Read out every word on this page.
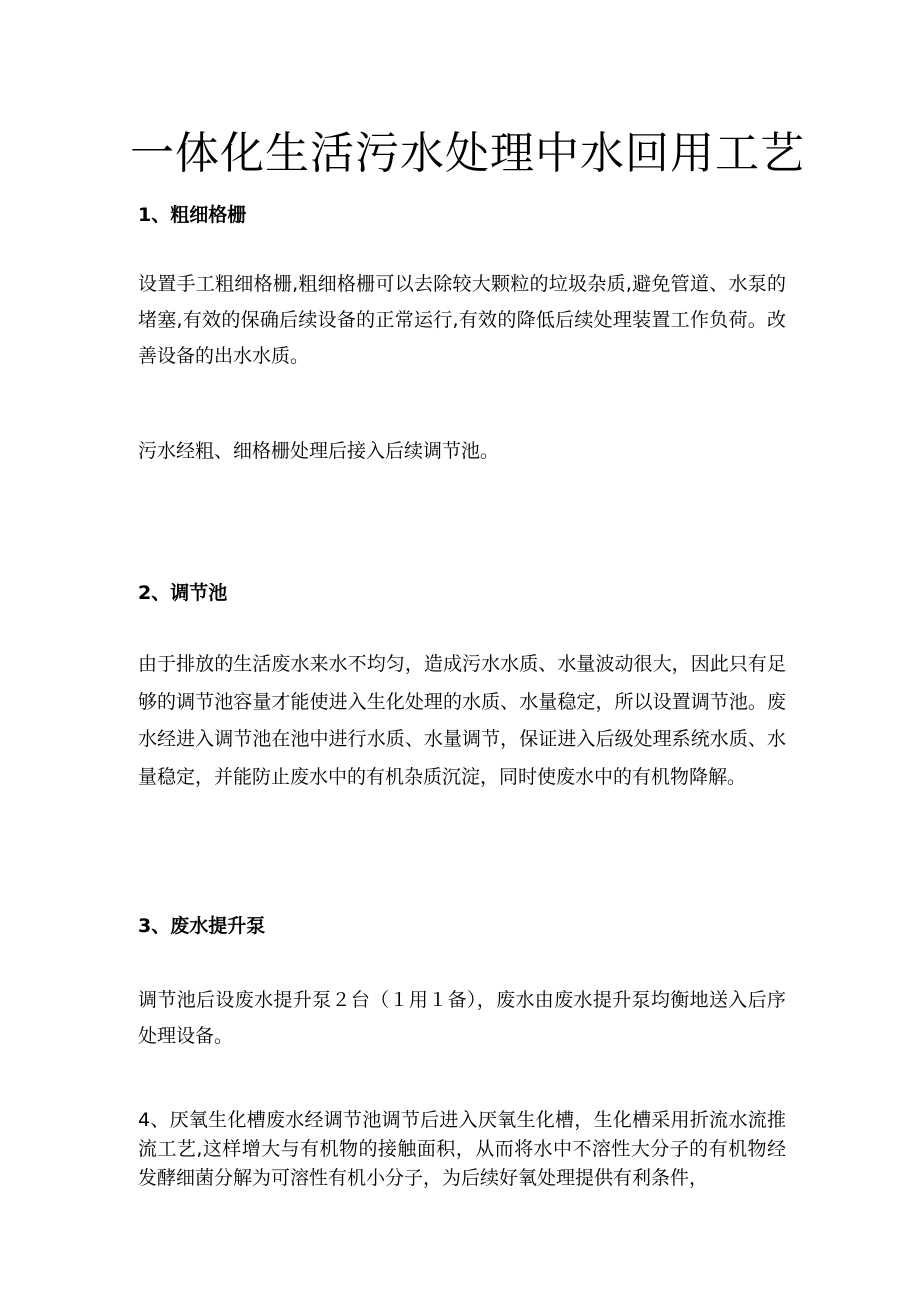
一体化生活污水处理中水回用工艺
1、粗细格栅

设置手工粗细格栅,粗细格栅可以去除较大颗粒的垃圾杂质,避免管道、水泵的堵塞,有效的保确后续设备的正常运行,有效的降低后续处理装置工作负荷。改善设备的出水水质。

污水经粗、细格栅处理后接入后续调节池。

2、调节池

由于排放的生活废水来水不均匀，造成污水水质、水量波动很大，因此只有足够的调节池容量才能使进入生化处理的水质、水量稳定，所以设置调节池。废水经进入调节池在池中进行水质、水量调节，保证进入后级处理系统水质、水量稳定，并能防止废水中的有机杂质沉淀，同时使废水中的有机物降解。

3、废水提升泵

调节池后设废水提升泵２台（１用１备），废水由废水提升泵均衡地送入后序处理设备。

4、厌氧生化槽废水经调节池调节后进入厌氧生化槽，生化槽采用折流水流推流工艺,这样增大与有机物的接触面积，从而将水中不溶性大分子的有机物经发酵细菌分解为可溶性有机小分子，为后续好氧处理提供有利条件，
